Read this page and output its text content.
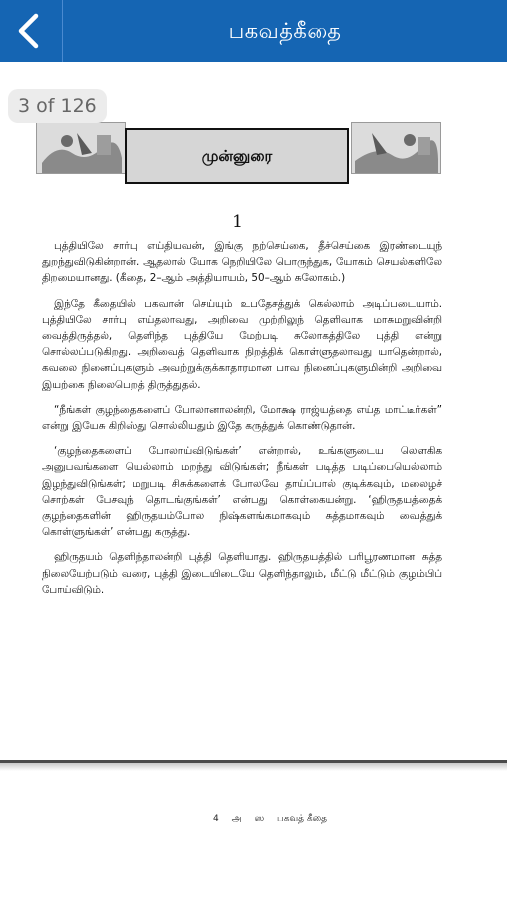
பகவத்கீதை
முன்னுரை
3 of 126
1

புத்தியிலே சார்பு எய்தியவன், இங்கு நற்செய்கை, தீச்செய்கை இரண்டையுந் துறந்துவிடுகின்றான். ஆதலால் யோக நெறியிலே பொருந்துக, யோகம் செயல்களிலே திறமையானது. (கீதை, 2–ஆம் அத்தியாயம், 50–ஆம் சுலோகம்.)

இந்தே கீதையில் பகவான் செய்யும் உபதேசத்துக் கெல்லாம் அடிப்படையாம். புத்தியிலே சார்பு எய்தலாவது, அறிவை முற்றிலுந் தெளிவாக மாசுமறுவின்றி வைத்திருத்தல், தெளிந்த புத்தியே மேற்படி சுலோகத்திலே புத்தி என்று சொல்லப்படுகிறது. அறிவைத் தெளிவாக நிறத்திக் கொள்ளுதலாவது யாதென்றால், கவலை நினைப்புகளும் அவற்றுக்குக்காதாரமான பாவ நினைப்புகளுமின்றி அறிவை இயற்கை நிலைபெறத் திருத்துதல்.

“நீங்கள் குழந்தைகளைப் போலானாலன்றி, மோக்ஷ ராஜ்யத்தை எய்த மாட்டீர்கள்” என்று இயேசு கிறிஸ்து சொல்லியதும் இதே கருத்துக் கொண்டுதான்.

‘குழந்தைகளைப் போலாய்விடுங்கள்’ என்றால், உங்களுடைய லௌகிக அனுபவங்களை யெல்லாம் மறந்து விடுங்கள்; நீங்கள் படித்த படிப்பையெல்லாம் இழந்துவிடுங்கள்; மறுபடி சிசுக்களைக் போலவே தாய்ப்பால் குடிக்கவும், மலைழச் சொற்கள் பேசவுந் தொடங்குங்கள்’ என்பது கொள்கையன்று. ‘ஹிருதயத்தைக் குழந்தைகளின் ஹிருதயம்போல நிஷ்களங்கமாகவும் சுத்தமாகவும் வைத்துக் கொள்ளுங்கள்’ என்பது கருத்து.

ஹிருதயம் தெளிந்தாலன்றி புத்தி தெளியாது. ஹிருதயத்தில் பரிபூரணமான சுத்த நிலையேற்படும் வரை, புத்தி இடையிடையே தெளிந்தாலும், மீட்டு மீட்டும் குழம்பிப் போய்விடும்.

4 அ ஸ பகவத் கீதை
